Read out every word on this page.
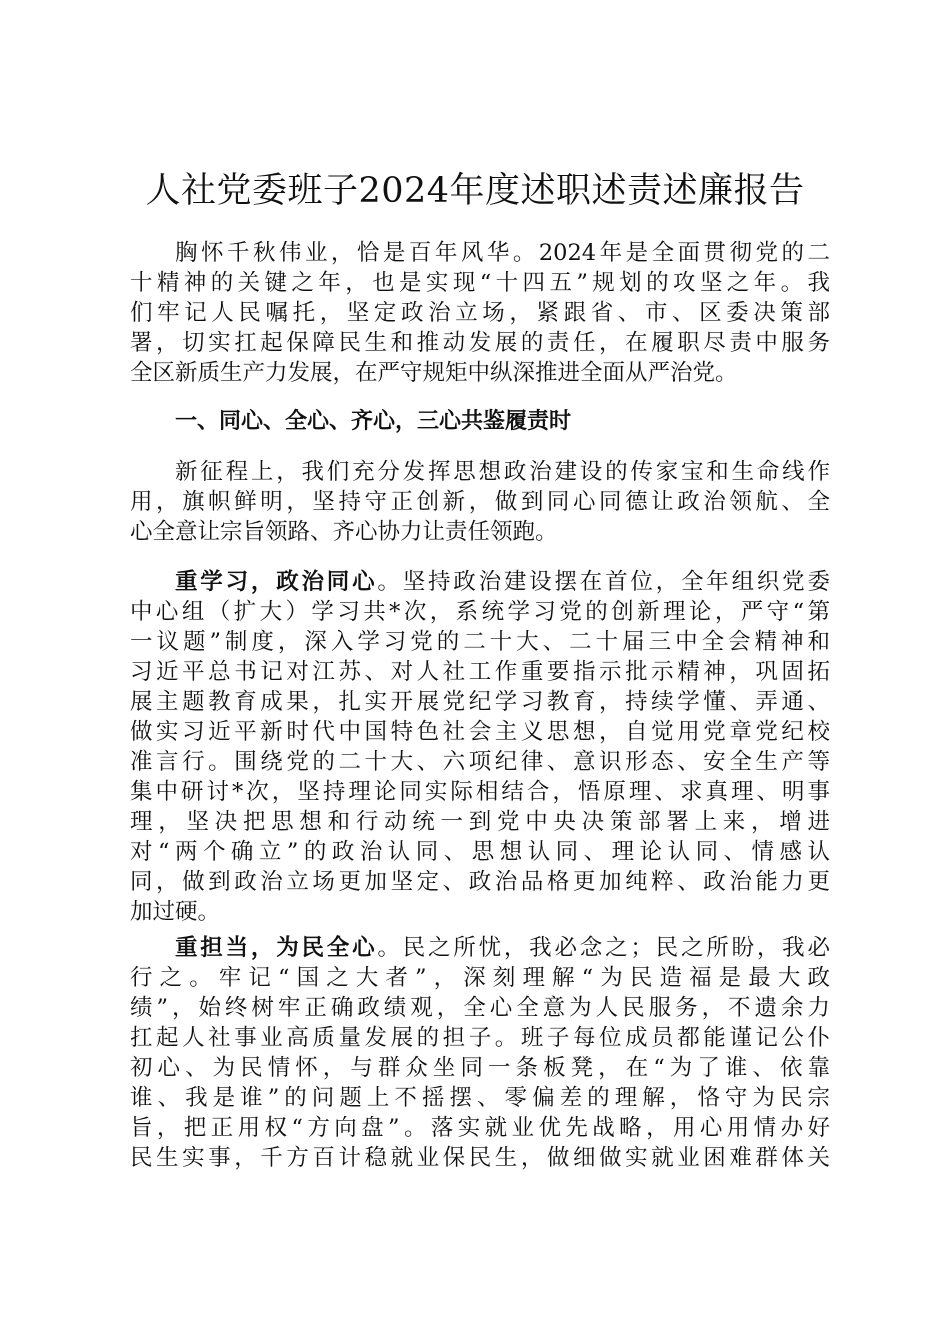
人社党委班子2024年度述职述责述廉报告
胸怀千秋伟业，恰是百年风华。2024年是全面贯彻党的二
十精神的关键之年，也是实现“十四五”规划的攻坚之年。我
们牢记人民嘱托，坚定政治立场，紧跟省、市、区委决策部
署，切实扛起保障民生和推动发展的责任，在履职尽责中服务
全区新质生产力发展，在严守规矩中纵深推进全面从严治党。
一、同心、全心、齐心，三心共鉴履责时
新征程上，我们充分发挥思想政治建设的传家宝和生命线作
用，旗帜鲜明，坚持守正创新，做到同心同德让政治领航、全
心全意让宗旨领路、齐心协力让责任领跑。
重学习，政治同心。坚持政治建设摆在首位，全年组织党委
中心组（扩大）学习共*次，系统学习党的创新理论，严守“第
一议题”制度，深入学习党的二十大、二十届三中全会精神和
习近平总书记对江苏、对人社工作重要指示批示精神，巩固拓
展主题教育成果，扎实开展党纪学习教育，持续学懂、弄通、
做实习近平新时代中国特色社会主义思想，自觉用党章党纪校
准言行。围绕党的二十大、六项纪律、意识形态、安全生产等
集中研讨*次，坚持理论同实际相结合，悟原理、求真理、明事
理，坚决把思想和行动统一到党中央决策部署上来，增进
对“两个确立”的政治认同、思想认同、理论认同、情感认
同，做到政治立场更加坚定、政治品格更加纯粹、政治能力更
加过硬。
重担当，为民全心。民之所忧，我必念之；民之所盼，我必
行之。牢记“国之大者”，深刻理解“为民造福是最大政
绩”，始终树牢正确政绩观，全心全意为人民服务，不遗余力
扛起人社事业高质量发展的担子。班子每位成员都能谨记公仆
初心、为民情怀，与群众坐同一条板凳，在“为了谁、依靠
谁、我是谁”的问题上不摇摆、零偏差的理解，恪守为民宗
旨，把正用权“方向盘”。落实就业优先战略，用心用情办好
民生实事，千方百计稳就业保民生，做细做实就业困难群体关
